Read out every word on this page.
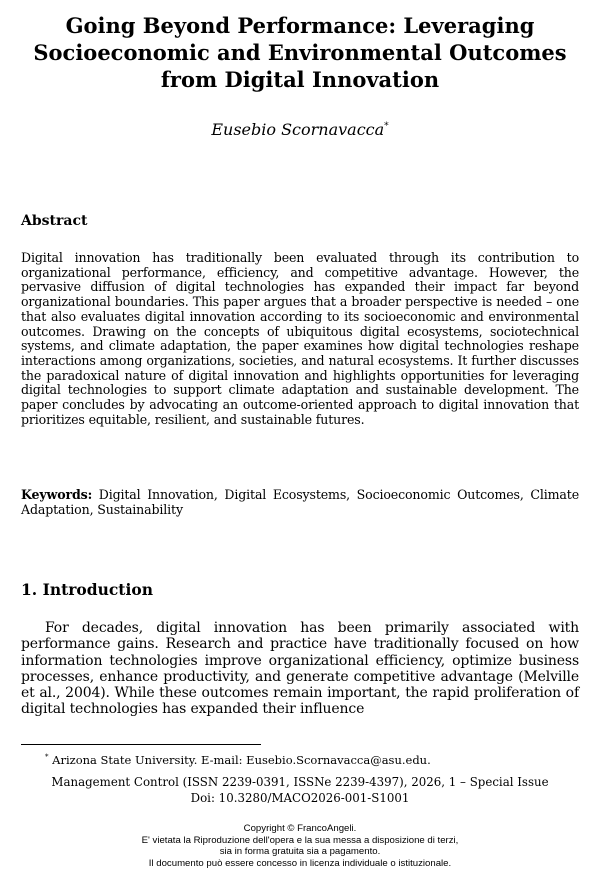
Going Beyond Performance: Leveraging
Socioeconomic and Environmental Outcomes
from Digital Innovation
Eusebio Scornavacca*
Abstract
Digital innovation has traditionally been evaluated through its contribution to organizational performance, efficiency, and competitive advantage. However, the pervasive diffusion of digital technologies has expanded their impact far beyond organizational boundaries. This paper argues that a broader perspective is needed – one that also evaluates digital innovation according to its socioeconomic and environmental outcomes. Drawing on the concepts of ubiquitous digital ecosystems, sociotechnical systems, and climate adaptation, the paper examines how digital technologies reshape interactions among organizations, societies, and natural ecosystems. It further discusses the paradoxical nature of digital innovation and highlights opportunities for leveraging digital technologies to support climate adaptation and sustainable development. The paper concludes by advocating an outcome-oriented approach to digital innovation that prioritizes equitable, resilient, and sustainable futures.
Keywords: Digital Innovation, Digital Ecosystems, Socioeconomic Outcomes, Climate Adaptation, Sustainability
1. Introduction
For decades, digital innovation has been primarily associated with performance gains. Research and practice have traditionally focused on how information technologies improve organizational efficiency, optimize business processes, enhance productivity, and generate competitive advantage (Melville et al., 2004). While these outcomes remain important, the rapid proliferation of digital technologies has expanded their influence
* Arizona State University. E-mail: Eusebio.Scornavacca@asu.edu.
Management Control (ISSN 2239-0391, ISSNe 2239-4397), 2026, 1 – Special Issue
Doi: 10.3280/MACO2026-001-S1001
Copyright © FrancoAngeli.
E' vietata la Riproduzione dell'opera e la sua messa a disposizione di terzi,
sia in forma gratuita sia a pagamento.
Il documento può essere concesso in licenza individuale o istituzionale.
